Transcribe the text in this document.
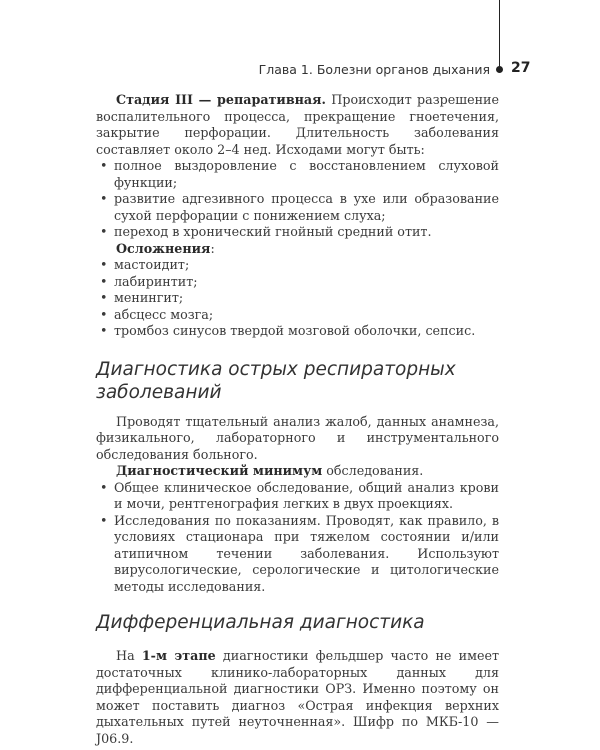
Глава 1. Болезни органов дыхания 27

Стадия III — репаративная. Происходит разрешение воспалительного процесса, прекращение гноетечения, закрытие перфорации. Длительность заболевания составляет около 2–4 нед. Исходами могут быть:

• полное выздоровление с восстановлением слуховой функции;
• развитие адгезивного процесса в ухе или образование сухой перфорации с понижением слуха;
• переход в хронический гнойный средний отит.

Осложнения:

• мастоидит;
• лабиринтит;
• менингит;
• абсцесс мозга;
• тромбоз синусов твердой мозговой оболочки, сепсис.
Диагностика острых респираторных заболеваний

Проводят тщательный анализ жалоб, данных анамнеза, физикального, лабораторного и инструментального обследования больного.

Диагностический минимум обследования.

• Общее клиническое обследование, общий анализ крови и мочи, рентгенография легких в двух проекциях.
• Исследования по показаниям. Проводят, как правило, в условиях стационара при тяжелом состоянии и/или атипичном течении заболевания. Используют вирусологические, серологические и цитологические методы исследования.
Дифференциальная диагностика

На 1-м этапе диагностики фельдшер часто не имеет достаточных клинико-лабораторных данных для дифференциальной диагностики ОРЗ. Именно поэтому он может поставить диагноз «Острая инфекция верхних дыхательных путей неуточненная». Шифр по МКБ-10 — J06.9.
